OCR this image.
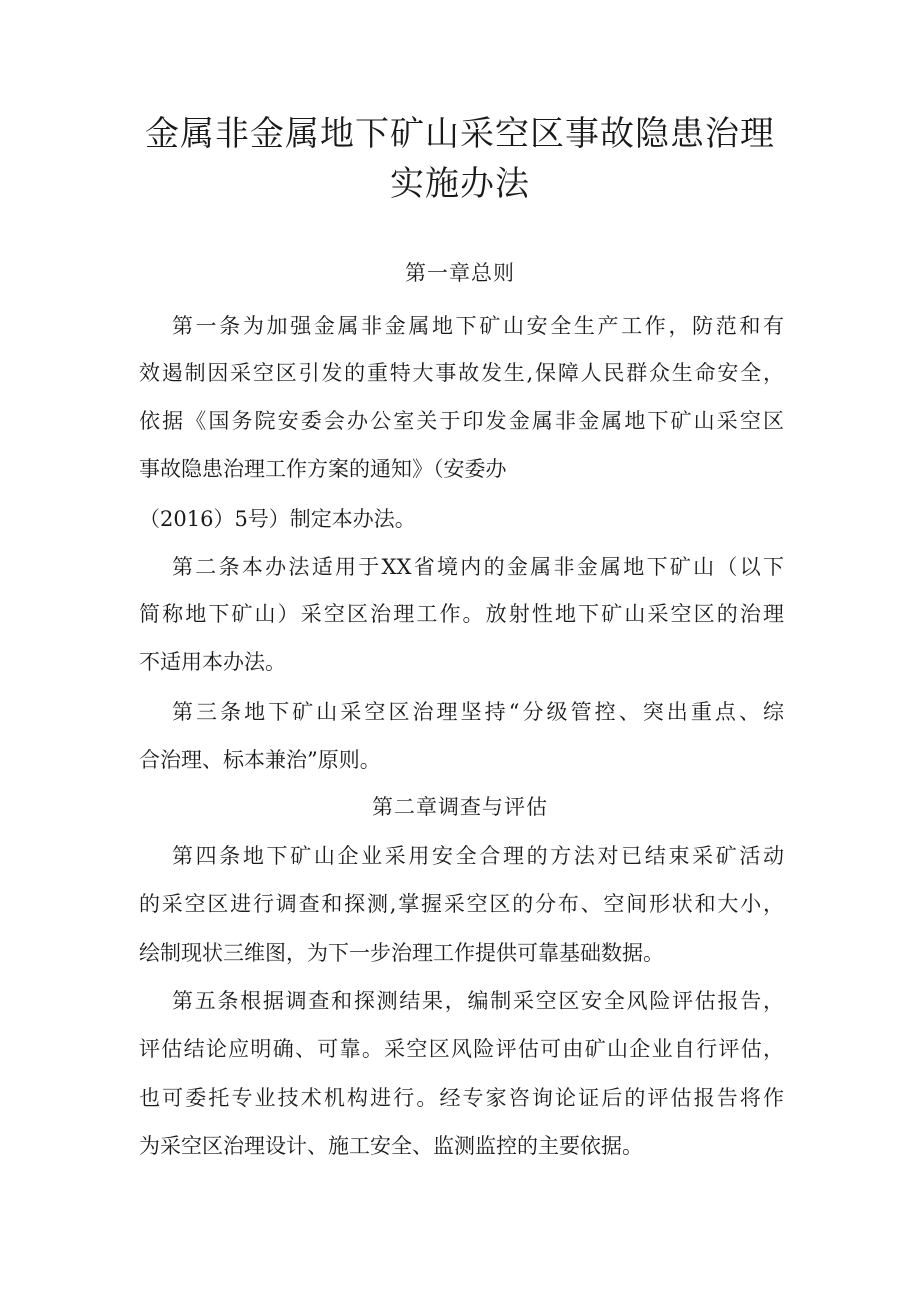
金属非金属地下矿山采空区事故隐患治理
实施办法
第一章总则
第一条为加强金属非金属地下矿山安全生产工作，防范和有
效遏制因采空区引发的重特大事故发生,保障人民群众生命安全，
依据《国务院安委会办公室关于印发金属非金属地下矿山采空区
事故隐患治理工作方案的通知》（安委办
（2016）5号）制定本办法。
第二条本办法适用于XX省境内的金属非金属地下矿山（以下
简称地下矿山）采空区治理工作。放射性地下矿山采空区的治理
不适用本办法。
第三条地下矿山采空区治理坚持“分级管控、突出重点、综
合治理、标本兼治”原则。
第二章调查与评估
第四条地下矿山企业采用安全合理的方法对已结束采矿活动
的采空区进行调查和探测,掌握采空区的分布、空间形状和大小，
绘制现状三维图，为下一步治理工作提供可靠基础数据。
第五条根据调查和探测结果，编制采空区安全风险评估报告，
评估结论应明确、可靠。采空区风险评估可由矿山企业自行评估，
也可委托专业技术机构进行。经专家咨询论证后的评估报告将作
为采空区治理设计、施工安全、监测监控的主要依据。
